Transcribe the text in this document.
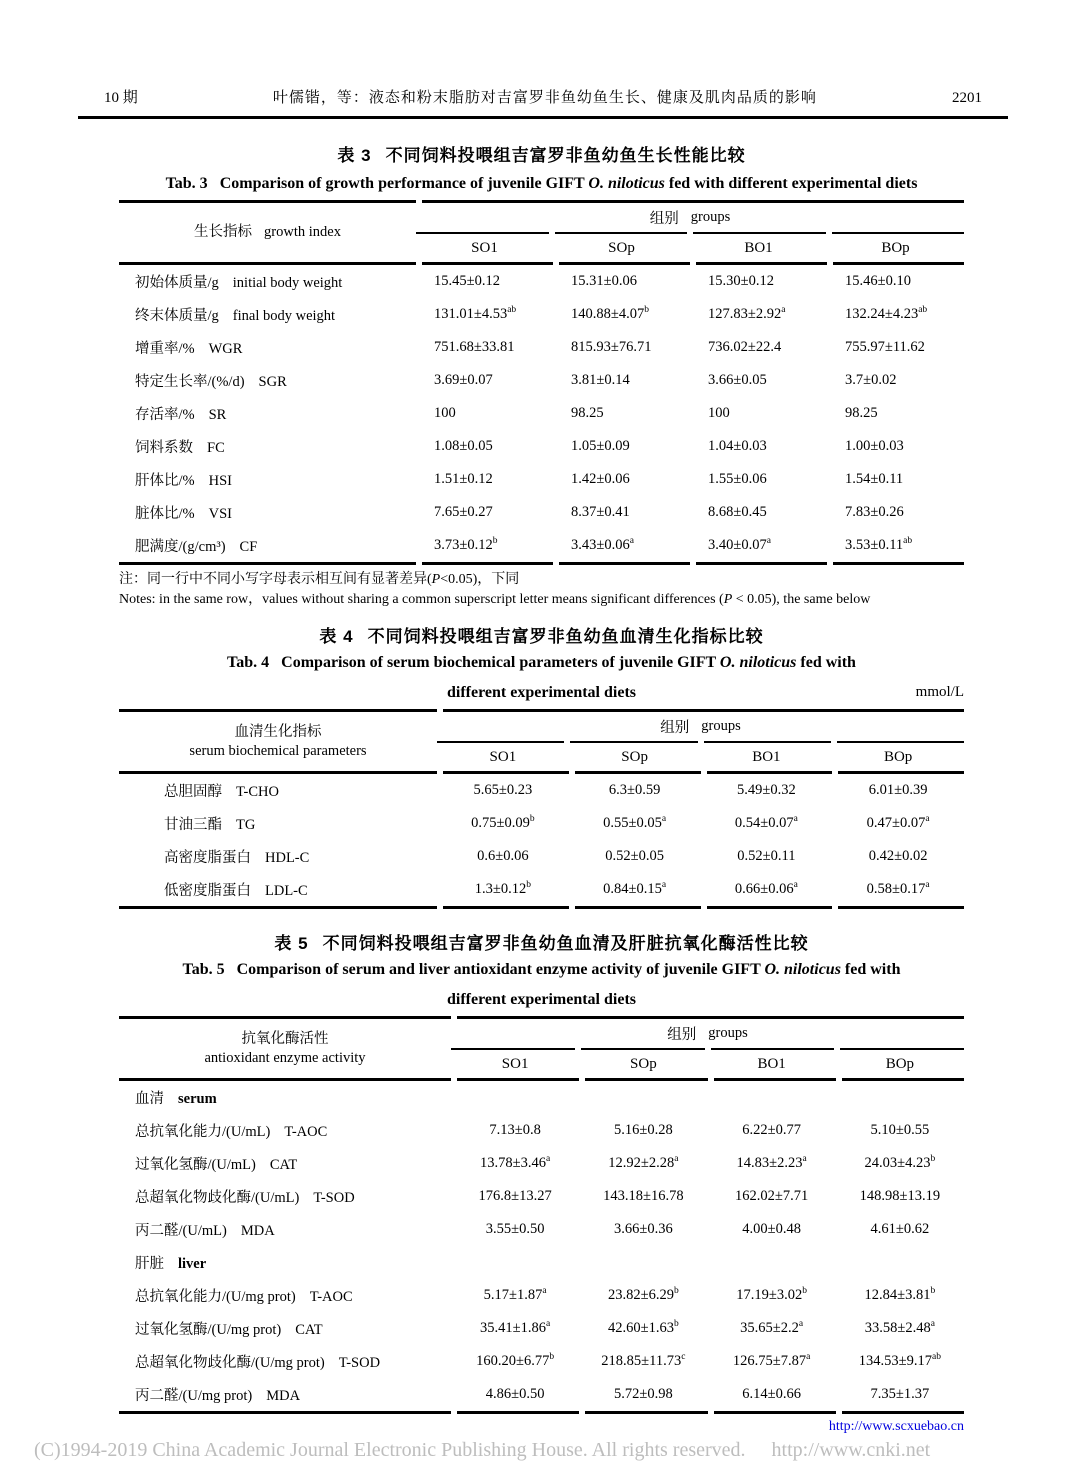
10 期	叶儒锴，等：液态和粉末脂肪对吉富罗非鱼幼鱼生长、健康及肌肉品质的影响	2201
表 3 不同饲料投喂组吉富罗非鱼幼鱼生长性能比较
Tab. 3 Comparison of growth performance of juvenile GIFT O. niloticus fed with different experimental diets
生长指标 growth index
组别 groups
SO1	SOp	BO1	BOp
初始体质量/g initial body weight	15.45±0.12	15.31±0.06	15.30±0.12	15.46±0.10
终末体质量/g final body weight	131.01±4.53$^{ab}$	140.88±4.07$^b$	127.83±2.92$^a$	132.24±4.23$^{ab}$
增重率/% WGR	751.68±33.81	815.93±76.71	736.02±22.4	755.97±11.62
特定生长率/(%/d) SGR	3.69±0.07	3.81±0.14	3.66±0.05	3.7±0.02
存活率/% SR	100	98.25	100	98.25
饲料系数 FC	1.08±0.05	1.05±0.09	1.04±0.03	1.00±0.03
肝体比/% HSI	1.51±0.12	1.42±0.06	1.55±0.06	1.54±0.11
脏体比/% VSI	7.65±0.27	8.37±0.41	8.68±0.45	7.83±0.26
肥满度/(g/cm³) CF	3.73±0.12$^b$	3.43±0.06$^a$	3.40±0.07$^a$	3.53±0.11$^{ab}$
注：同一行中不同小写字母表示相互间有显著差异(P<0.05)，下同
Notes: in the same row，values without sharing a common superscript letter means significant differences (P < 0.05), the same below
表 4 不同饲料投喂组吉富罗非鱼幼鱼血清生化指标比较
Tab. 4 Comparison of serum biochemical parameters of juvenile GIFT O. niloticus fed with
different experimental diets	mmol/L
血清生化指标
serum biochemical parameters
组别 groups
SO1	SOp	BO1	BOp
总胆固醇 T-CHO	5.65±0.23	6.3±0.59	5.49±0.32	6.01±0.39
甘油三酯 TG	0.75±0.09$^b$	0.55±0.05$^a$	0.54±0.07$^a$	0.47±0.07$^a$
高密度脂蛋白 HDL-C	0.6±0.06	0.52±0.05	0.52±0.11	0.42±0.02
低密度脂蛋白 LDL-C	1.3±0.12$^b$	0.84±0.15$^a$	0.66±0.06$^a$	0.58±0.17$^a$
表 5 不同饲料投喂组吉富罗非鱼幼鱼血清及肝脏抗氧化酶活性比较
Tab. 5 Comparison of serum and liver antioxidant enzyme activity of juvenile GIFT O. niloticus fed with
different experimental diets
抗氧化酶活性
antioxidant enzyme activity
组别 groups
SO1	SOp	BO1	BOp
血清 serum
总抗氧化能力/(U/mL) T-AOC	7.13±0.8	5.16±0.28	6.22±0.77	5.10±0.55
过氧化氢酶/(U/mL) CAT	13.78±3.46$^a$	12.92±2.28$^a$	14.83±2.23$^a$	24.03±4.23$^b$
总超氧化物歧化酶/(U/mL) T-SOD	176.8±13.27	143.18±16.78	162.02±7.71	148.98±13.19
丙二醛/(U/mL) MDA	3.55±0.50	3.66±0.36	4.00±0.48	4.61±0.62
肝脏 liver
总抗氧化能力/(U/mg prot) T-AOC	5.17±1.87$^a$	23.82±6.29$^b$	17.19±3.02$^b$	12.84±3.81$^b$
过氧化氢酶/(U/mg prot) CAT	35.41±1.86$^a$	42.60±1.63$^b$	35.65±2.2$^a$	33.58±2.48$^a$
总超氧化物歧化酶/(U/mg prot) T-SOD	160.20±6.77$^b$	218.85±11.73$^c$	126.75±7.87$^a$	134.53±9.17$^{ab}$
丙二醛/(U/mg prot) MDA	4.86±0.50	5.72±0.98	6.14±0.66	7.35±1.37
http://www.scxuebao.cn
(C)1994-2019 China Academic Journal Electronic Publishing House. All rights reserved. http://www.cnki.net
